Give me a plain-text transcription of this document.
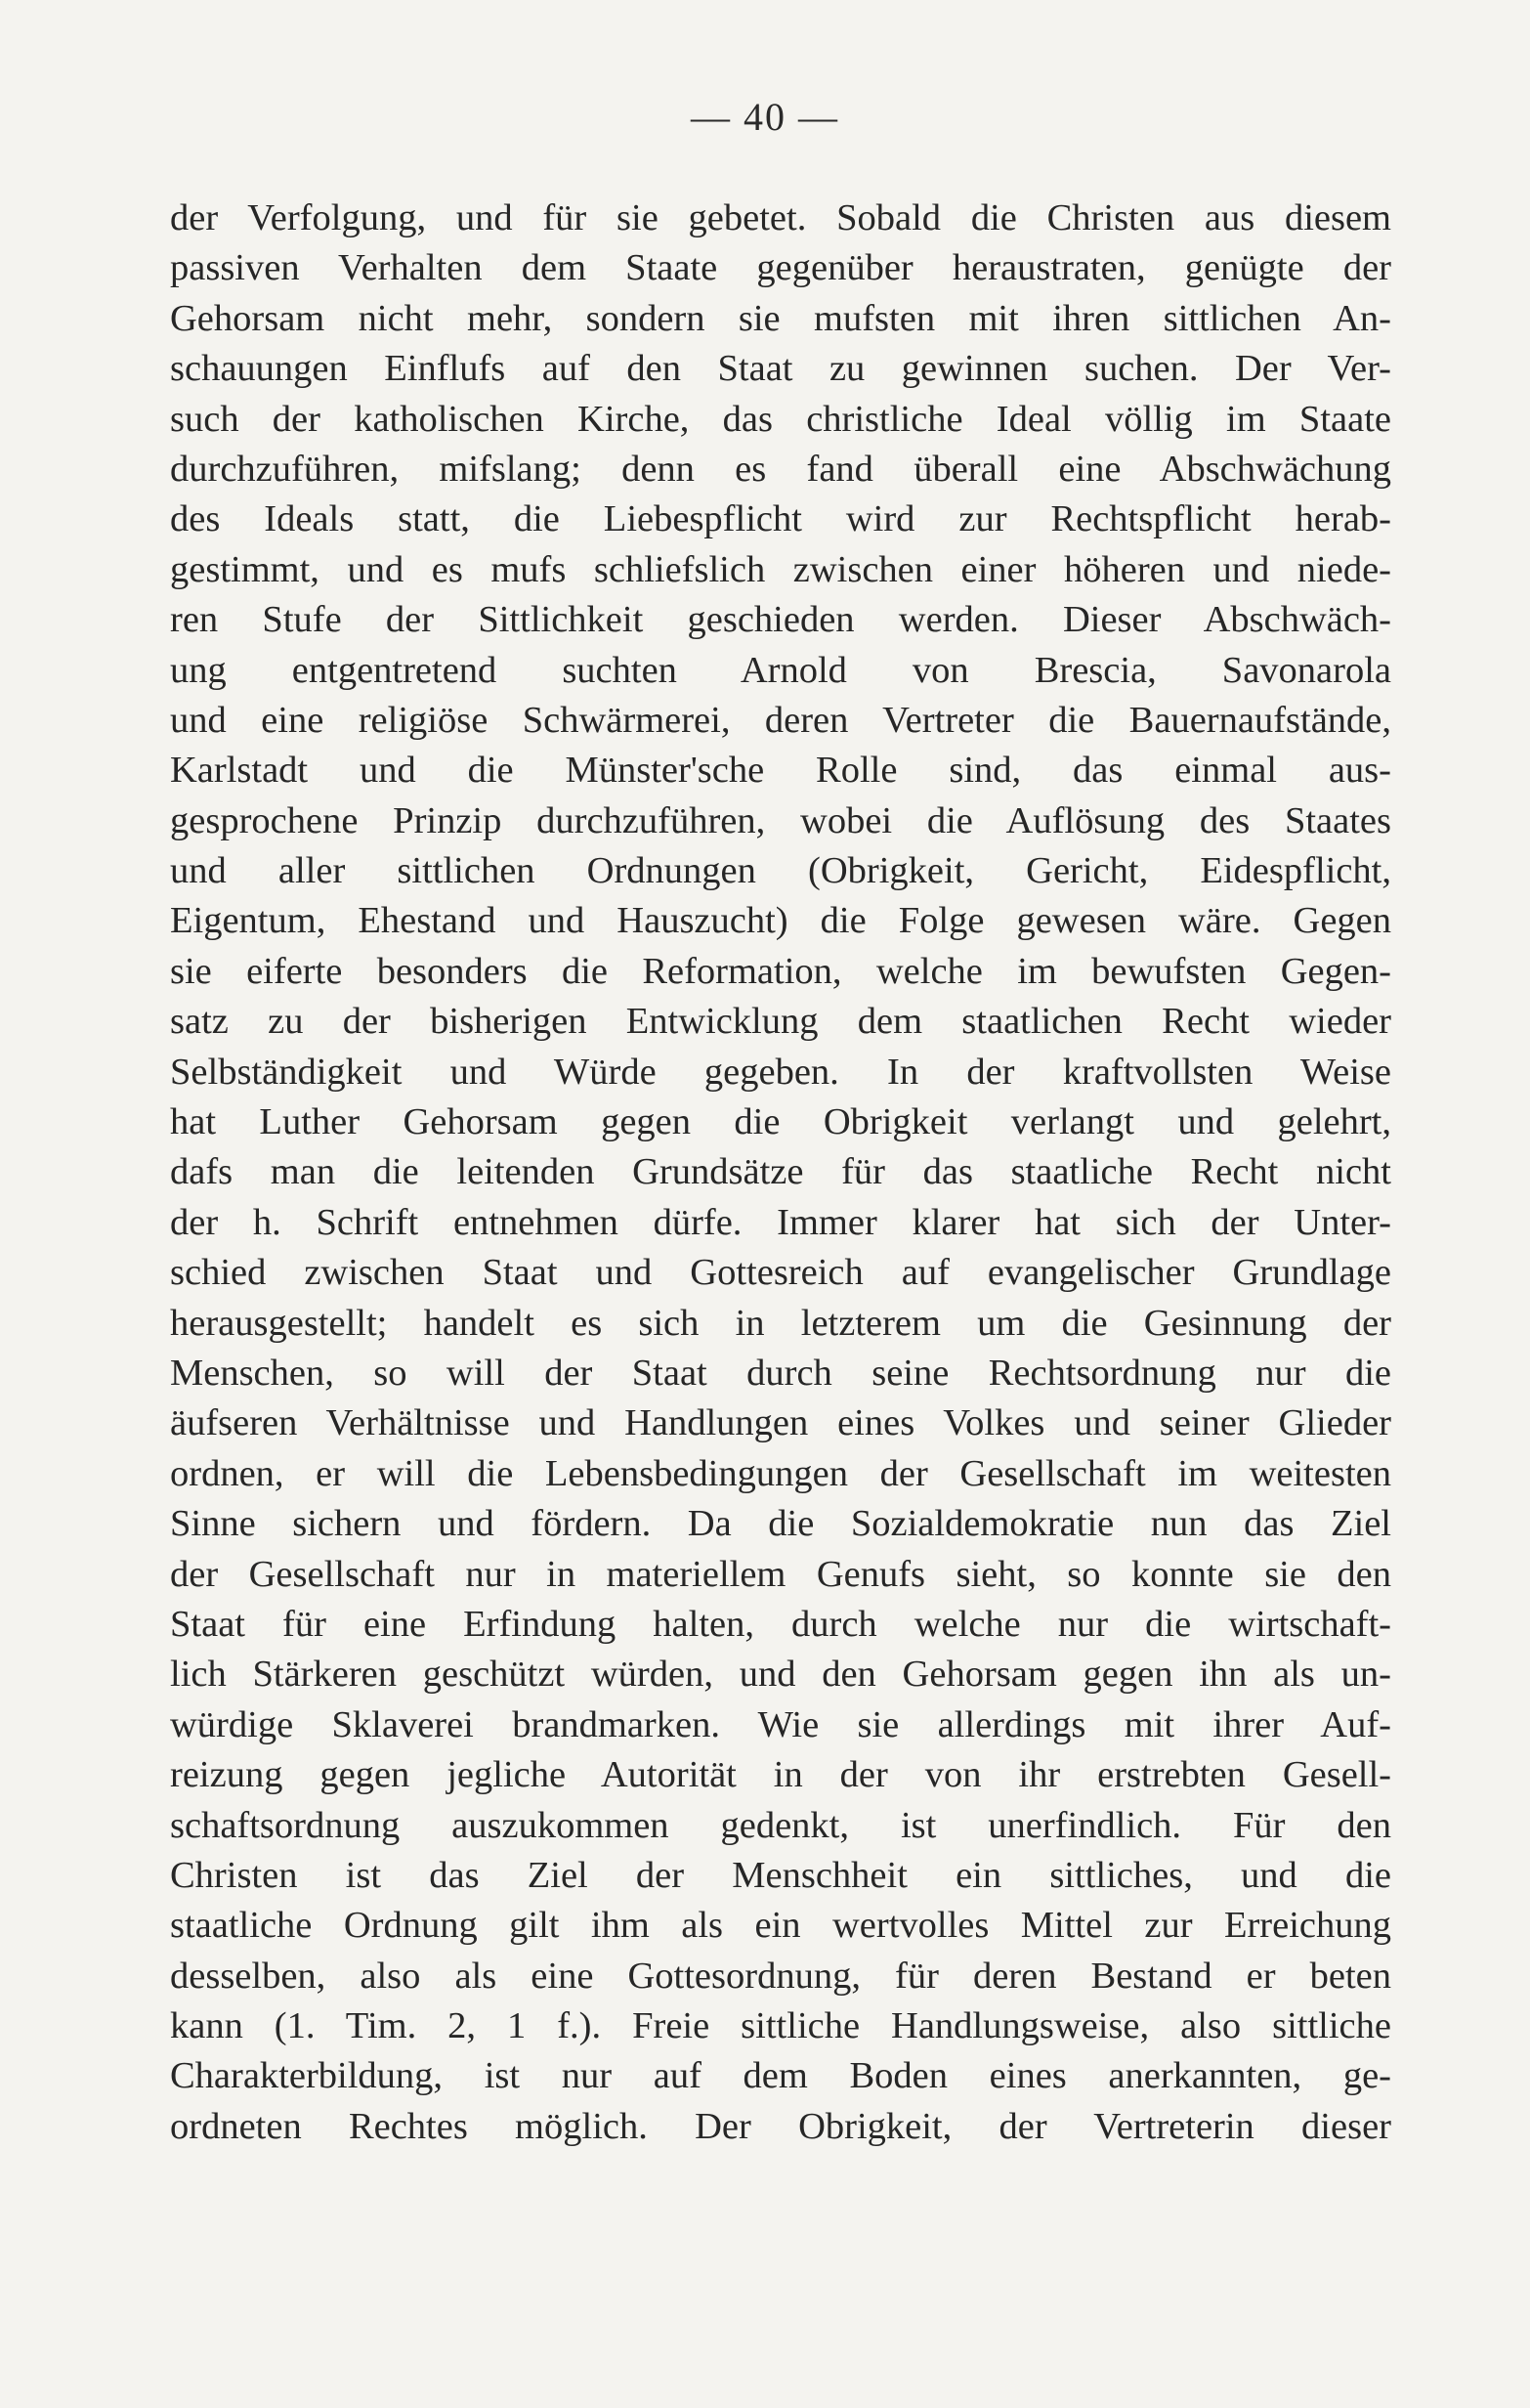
— 40 —
der Verfolgung, und für sie gebetet. Sobald die Christen aus diesem
passiven Verhalten dem Staate gegenüber heraustraten, genügte der
Gehorsam nicht mehr, sondern sie mufsten mit ihren sittlichen An-
schauungen Einflufs auf den Staat zu gewinnen suchen. Der Ver-
such der katholischen Kirche, das christliche Ideal völlig im Staate
durchzuführen, mifslang; denn es fand überall eine Abschwächung
des Ideals statt, die Liebespflicht wird zur Rechtspflicht herab-
gestimmt, und es mufs schliefslich zwischen einer höheren und niede-
ren Stufe der Sittlichkeit geschieden werden. Dieser Abschwäch-
ung entgentretend suchten Arnold von Brescia, Savonarola
und eine religiöse Schwärmerei, deren Vertreter die Bauernaufstände,
Karlstadt und die Münster'sche Rolle sind, das einmal aus-
gesprochene Prinzip durchzuführen, wobei die Auflösung des Staates
und aller sittlichen Ordnungen (Obrigkeit, Gericht, Eidespflicht,
Eigentum, Ehestand und Hauszucht) die Folge gewesen wäre. Gegen
sie eiferte besonders die Reformation, welche im bewufsten Gegen-
satz zu der bisherigen Entwicklung dem staatlichen Recht wieder
Selbständigkeit und Würde gegeben. In der kraftvollsten Weise
hat Luther Gehorsam gegen die Obrigkeit verlangt und gelehrt,
dafs man die leitenden Grundsätze für das staatliche Recht nicht
der h. Schrift entnehmen dürfe. Immer klarer hat sich der Unter-
schied zwischen Staat und Gottesreich auf evangelischer Grundlage
herausgestellt; handelt es sich in letzterem um die Gesinnung der
Menschen, so will der Staat durch seine Rechtsordnung nur die
äufseren Verhältnisse und Handlungen eines Volkes und seiner Glieder
ordnen, er will die Lebensbedingungen der Gesellschaft im weitesten
Sinne sichern und fördern. Da die Sozialdemokratie nun das Ziel
der Gesellschaft nur in materiellem Genufs sieht, so konnte sie den
Staat für eine Erfindung halten, durch welche nur die wirtschaft-
lich Stärkeren geschützt würden, und den Gehorsam gegen ihn als un-
würdige Sklaverei brandmarken. Wie sie allerdings mit ihrer Auf-
reizung gegen jegliche Autorität in der von ihr erstrebten Gesell-
schaftsordnung auszukommen gedenkt, ist unerfindlich. Für den
Christen ist das Ziel der Menschheit ein sittliches, und die
staatliche Ordnung gilt ihm als ein wertvolles Mittel zur Erreichung
desselben, also als eine Gottesordnung, für deren Bestand er beten
kann (1. Tim. 2, 1 f.). Freie sittliche Handlungsweise, also sittliche
Charakterbildung, ist nur auf dem Boden eines anerkannten, ge-
ordneten Rechtes möglich. Der Obrigkeit, der Vertreterin dieser
